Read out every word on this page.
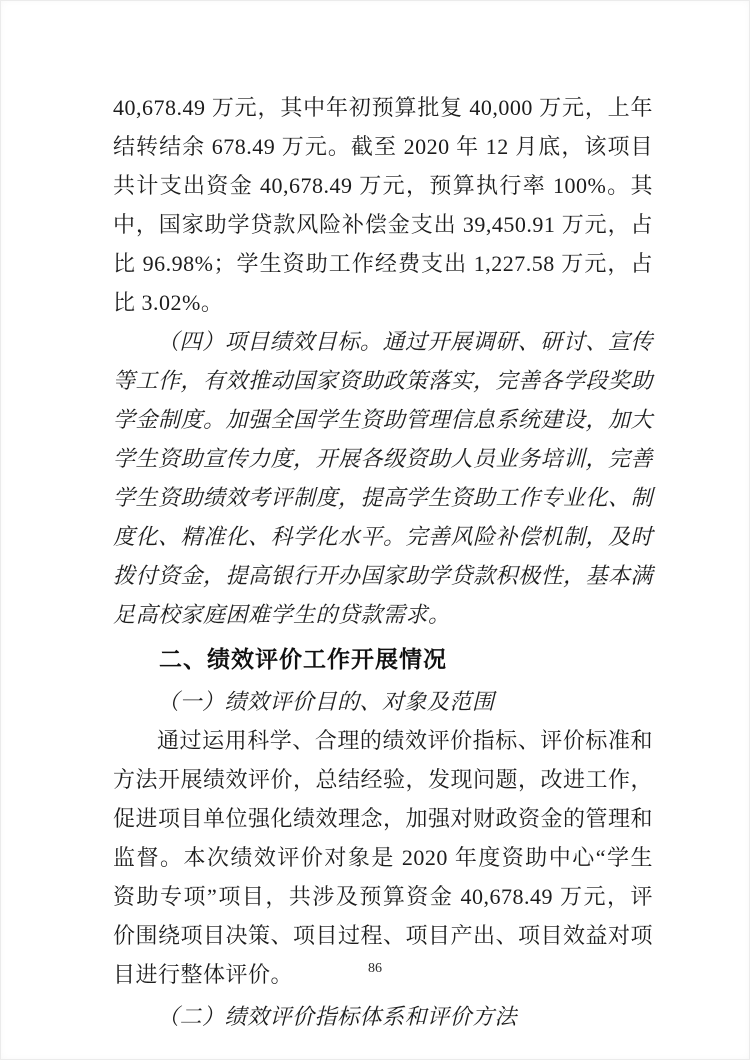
40,678.49 万元，其中年初预算批复 40,000 万元，上年结转结余 678.49 万元。截至 2020 年 12 月底，该项目共计支出资金 40,678.49 万元，预算执行率 100%。其中，国家助学贷款风险补偿金支出 39,450.91 万元，占比 96.98%；学生资助工作经费支出 1,227.58 万元，占比 3.02%。

（四）项目绩效目标。通过开展调研、研讨、宣传等工作，有效推动国家资助政策落实，完善各学段奖助学金制度。加强全国学生资助管理信息系统建设，加大学生资助宣传力度，开展各级资助人员业务培训，完善学生资助绩效考评制度，提高学生资助工作专业化、制度化、精准化、科学化水平。完善风险补偿机制，及时拨付资金，提高银行开办国家助学贷款积极性，基本满足高校家庭困难学生的贷款需求。

二、绩效评价工作开展情况

（一）绩效评价目的、对象及范围

通过运用科学、合理的绩效评价指标、评价标准和方法开展绩效评价，总结经验，发现问题，改进工作，促进项目单位强化绩效理念，加强对财政资金的管理和监督。本次绩效评价对象是 2020 年度资助中心“学生资助专项”项目，共涉及预算资金 40,678.49 万元，评价围绕项目决策、项目过程、项目产出、项目效益对项目进行整体评价。

（二）绩效评价指标体系和评价方法

86
